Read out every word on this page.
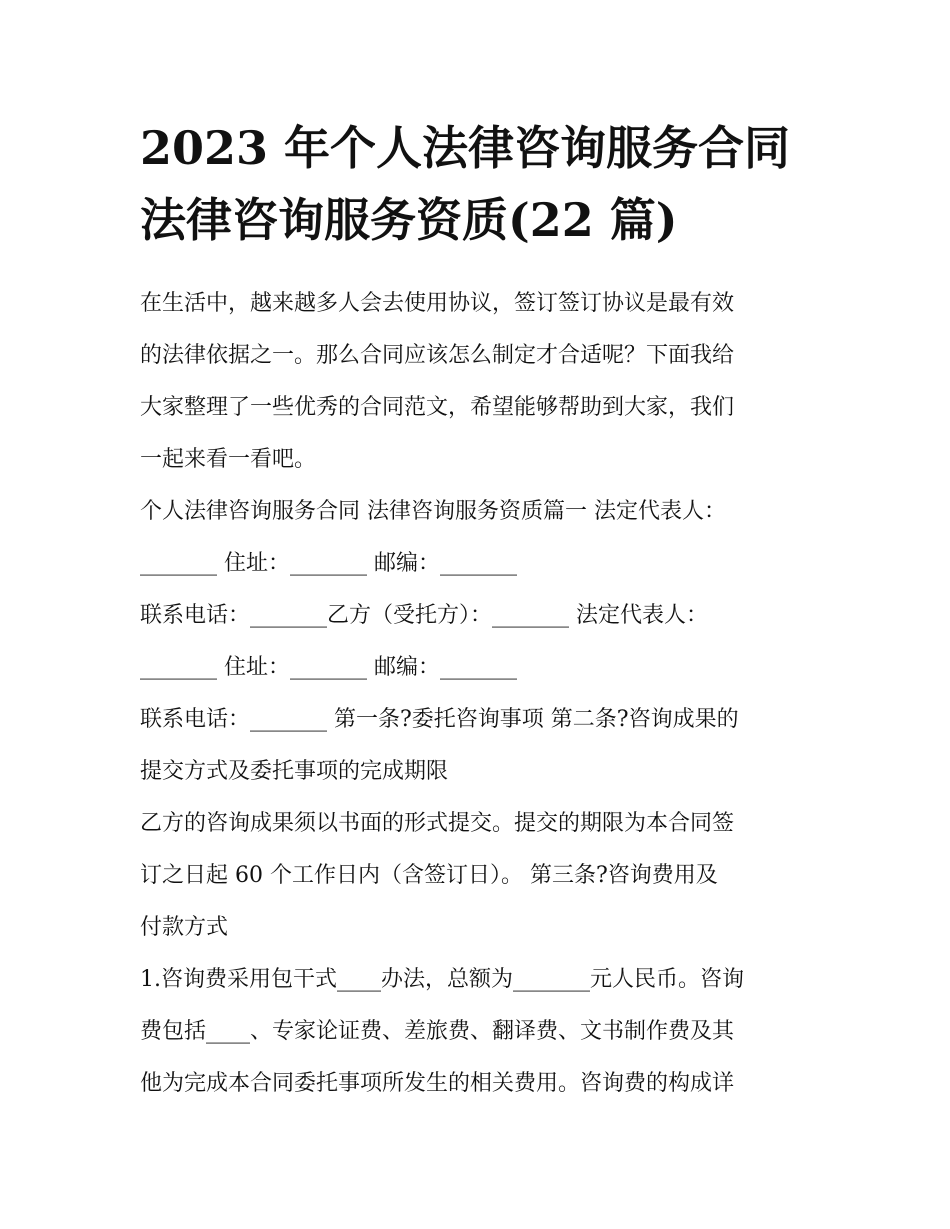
2023 年个人法律咨询服务合同
法律咨询服务资质(22 篇)

在生活中，越来越多人会去使用协议，签订签订协议是最有效
的法律依据之一。那么合同应该怎么制定才合适呢？下面我给
大家整理了一些优秀的合同范文，希望能够帮助到大家，我们
一起来看一看吧。

个人法律咨询服务合同 法律咨询服务资质篇一 法定代表人：
_______ 住址：_______ 邮编：_______

联系电话：_______乙方（受托方）：_______ 法定代表人：
_______ 住址：_______ 邮编：_______

联系电话：_______ 第一条?委托咨询事项 第二条?咨询成果的
提交方式及委托事项的完成期限

乙方的咨询成果须以书面的形式提交。提交的期限为本合同签
订之日起 60 个工作日内（含签订日）。 第三条?咨询费用及
付款方式

1.咨询费采用包干式____办法，总额为_______元人民币。咨询
费包括____、专家论证费、差旅费、翻译费、文书制作费及其
他为完成本合同委托事项所发生的相关费用。咨询费的构成详
